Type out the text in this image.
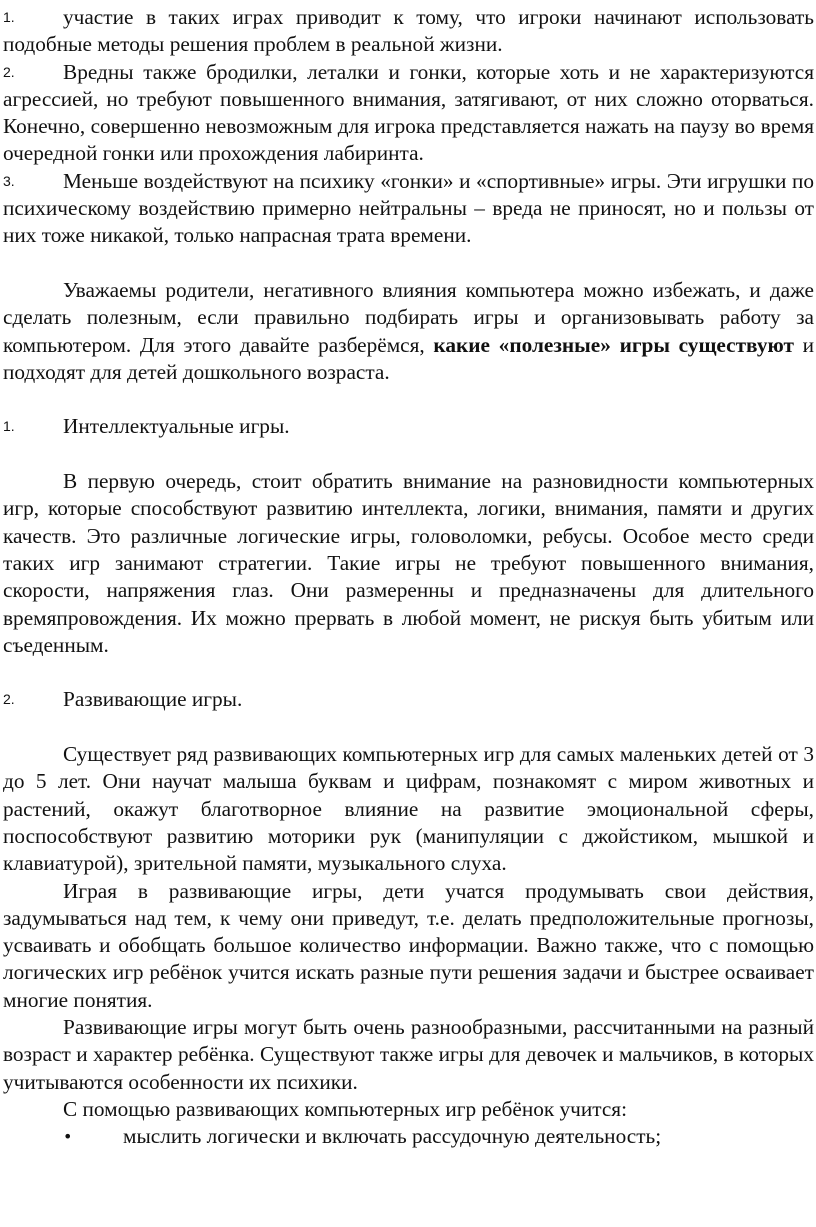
1. участие в таких играх приводит к тому, что игроки начинают использовать подобные методы решения проблем в реальной жизни.

2. Вредны также бродилки, леталки и гонки, которые хоть и не характеризуются агрессией, но требуют повышенного внимания, затягивают, от них сложно оторваться. Конечно, совершенно невозможным для игрока представляется нажать на паузу во время очередной гонки или прохождения лабиринта.

3. Меньше воздействуют на психику «гонки» и «спортивные» игры. Эти игрушки по психическому воздействию примерно нейтральны – вреда не приносят, но и пользы от них тоже никакой, только напрасная трата времени.

Уважаемы родители, негативного влияния компьютера можно избежать, и даже сделать полезным, если правильно подбирать игры и организовывать работу за компьютером. Для этого давайте разберёмся, какие «полезные» игры существуют и подходят для детей дошкольного возраста.

1. Интеллектуальные игры.

В первую очередь, стоит обратить внимание на разновидности компьютерных игр, которые способствуют развитию интеллекта, логики, внимания, памяти и других качеств. Это различные логические игры, головоломки, ребусы. Особое место среди таких игр занимают стратегии. Такие игры не требуют повышенного внимания, скорости, напряжения глаз. Они размеренны и предназначены для длительного времяпровождения. Их можно прервать в любой момент, не рискуя быть убитым или съеденным.

2. Развивающие игры.

Существует ряд развивающих компьютерных игр для самых маленьких детей от 3 до 5 лет. Они научат малыша буквам и цифрам, познакомят с миром животных и растений, окажут благотворное влияние на развитие эмоциональной сферы, поспособствуют развитию моторики рук (манипуляции с джойстиком, мышкой и клавиатурой), зрительной памяти, музыкального слуха.

Играя в развивающие игры, дети учатся продумывать свои действия, задумываться над тем, к чему они приведут, т.е. делать предположительные прогнозы, усваивать и обобщать большое количество информации. Важно также, что с помощью логических игр ребёнок учится искать разные пути решения задачи и быстрее осваивает многие понятия.

Развивающие игры могут быть очень разнообразными, рассчитанными на разный возраст и характер ребёнка. Существуют также игры для девочек и мальчиков, в которых учитываются особенности их психики.

С помощью развивающих компьютерных игр ребёнок учится:

• мыслить логически и включать рассудочную деятельность;
